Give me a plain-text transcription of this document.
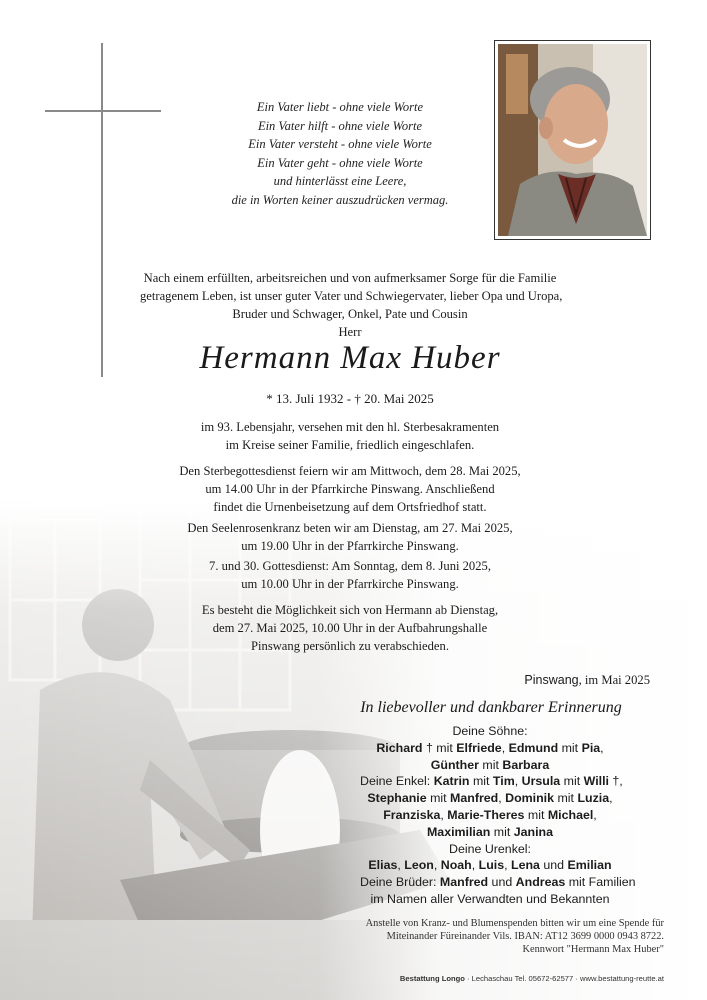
Ein Vater liebt - ohne viele Worte
Ein Vater hilft - ohne viele Worte
Ein Vater versteht - ohne viele Worte
Ein Vater geht - ohne viele Worte
und hinterlässt eine Leere,
die in Worten keiner auszudrücken vermag.
Nach einem erfüllten, arbeitsreichen und von aufmerksamer Sorge für die Familie
getragenem Leben, ist unser guter Vater und Schwiegervater, lieber Opa und Uropa,
Bruder und Schwager, Onkel, Pate und Cousin
Herr
Hermann Max Huber
* 13. Juli 1932 - † 20. Mai 2025
im 93. Lebensjahr, versehen mit den hl. Sterbesakramenten
im Kreise seiner Familie, friedlich eingeschlafen.
Den Sterbegottesdienst feiern wir am Mittwoch, dem 28. Mai 2025,
um 14.00 Uhr in der Pfarrkirche Pinswang. Anschließend
findet die Urnenbeisetzung auf dem Ortsfriedhof statt.
Den Seelenrosenkranz beten wir am Dienstag, am 27. Mai 2025,
um 19.00 Uhr in der Pfarrkirche Pinswang.
7. und 30. Gottesdienst: Am Sonntag, dem 8. Juni 2025,
um 10.00 Uhr in der Pfarrkirche Pinswang.
Es besteht die Möglichkeit sich von Hermann ab Dienstag,
dem 27. Mai 2025, 10.00 Uhr in der Aufbahrungshalle
Pinswang persönlich zu verabschieden.
Pinswang, im Mai 2025
In liebevoller und dankbarer Erinnerung
Deine Söhne:
Richard † mit Elfriede, Edmund mit Pia,
Günther mit Barbara
Deine Enkel: Katrin mit Tim, Ursula mit Willi †,
Stephanie mit Manfred, Dominik mit Luzia,
Franziska, Marie-Theres mit Michael,
Maximilian mit Janina
Deine Urenkel:
Elias, Leon, Noah, Luis, Lena und Emilian
Deine Brüder: Manfred und Andreas mit Familien
im Namen aller Verwandten und Bekannten
Anstelle von Kranz- und Blumenspenden bitten wir um eine Spende für
Miteinander Füreinander Vils. IBAN: AT12 3699 0000 0943 8722.
Kennwort "Hermann Max Huber"
Bestattung Longo · Lechaschau Tel. 05672-62577 · www.bestattung-reutte.at
